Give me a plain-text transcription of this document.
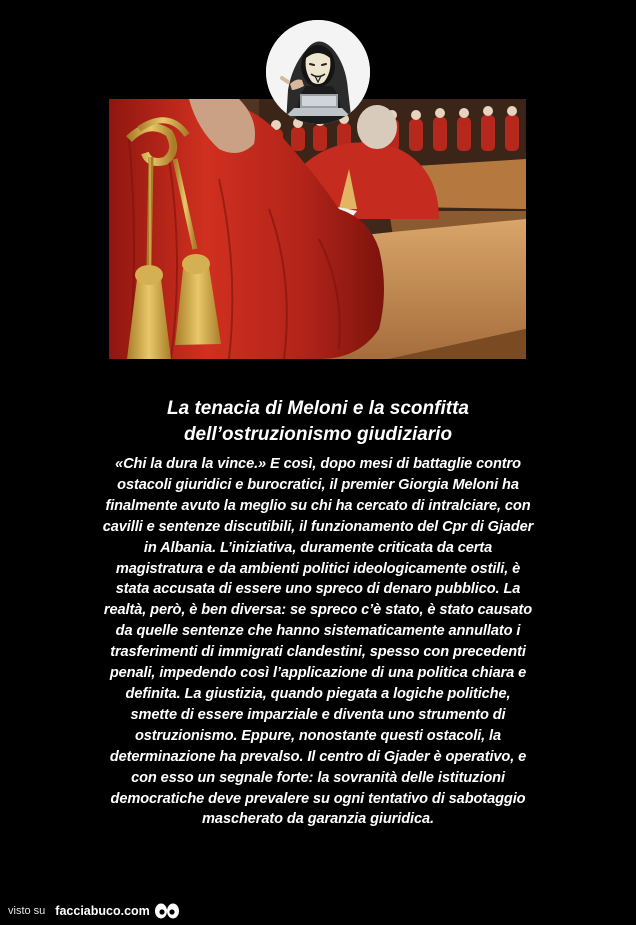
La tenacia di Meloni e la sconfitta
dell’ostruzionismo giudiziario

«Chi la dura la vince.» E così, dopo mesi di battaglie contro
ostacoli giuridici e burocratici, il premier Giorgia Meloni ha
finalmente avuto la meglio su chi ha cercato di intralciare, con
cavilli e sentenze discutibili, il funzionamento del Cpr di Gjader
in Albania. L’iniziativa, duramente criticata da certa
magistratura e da ambienti politici ideologicamente ostili, è
stata accusata di essere uno spreco di denaro pubblico. La
realtà, però, è ben diversa: se spreco c’è stato, è stato causato
da quelle sentenze che hanno sistematicamente annullato i
trasferimenti di immigrati clandestini, spesso con precedenti
penali, impedendo così l’applicazione di una politica chiara e
definita. La giustizia, quando piegata a logiche politiche,
smette di essere imparziale e diventa uno strumento di
ostruzionismo. Eppure, nonostante questi ostacoli, la
determinazione ha prevalso. Il centro di Gjader è operativo, e
con esso un segnale forte: la sovranità delle istituzioni
democratiche deve prevalere su ogni tentativo di sabotaggio
mascherato da garanzia giuridica.

visto su facciabuco.com
